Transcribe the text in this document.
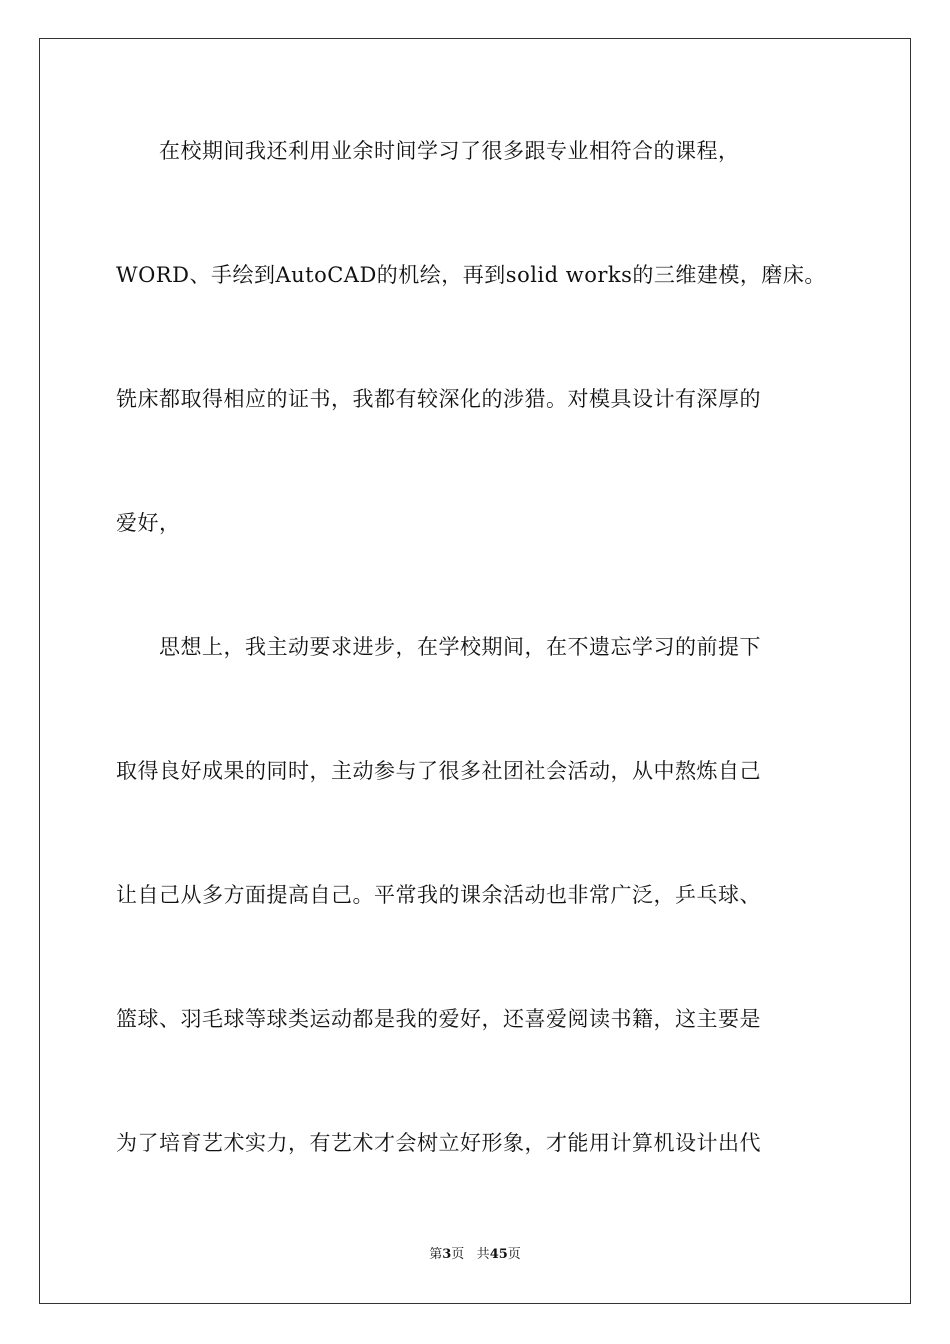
　　在校期间我还利用业余时间学习了很多跟专业相符合的课程，
WORD、手绘到AutoCAD的机绘，再到solid works的三维建模，磨床。
铣床都取得相应的证书，我都有较深化的涉猎。对模具设计有深厚的
爱好，
　　思想上，我主动要求进步，在学校期间，在不遗忘学习的前提下
取得良好成果的同时，主动参与了很多社团社会活动，从中熬炼自己
让自己从多方面提高自己。平常我的课余活动也非常广泛，乒乓球、
篮球、羽毛球等球类运动都是我的爱好，还喜爱阅读书籍，这主要是
为了培育艺术实力，有艺术才会树立好形象，才能用计算机设计出代
第3页 共45页
